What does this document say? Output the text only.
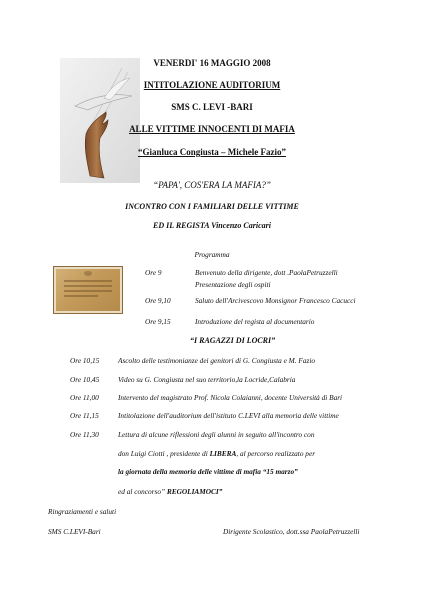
VENERDI' 16 MAGGIO 2008
INTITOLAZIONE AUDITORIUM
SMS C. LEVI -BARI
ALLE VITTIME INNOCENTI DI MAFIA
“Gianluca Congiusta – Michele Fazio”
“PAPA', COS'ERA LA MAFIA?”
INCONTRO CON I FAMILIARI DELLE VITTIME
ED IL REGISTA Vincenzo Caricari
Programma
Ore 9	Benvenuto della dirigente, dott .PaolaPetruzzelli
Presentazione degli ospiti
Ore 9,10	Saluto dell'Arcivescovo Monsignor Francesco Cacucci
Ore 9,15	Introduzione del regista al documentario
“I RAGAZZI DI LOCRI”
Ore 10,15	Ascolto delle testimonianze dei genitori di G. Congiusta e M. Fazio
Ore 10,45	Video su G. Congiusta nel suo territorio,la Locride,Calabria
Ore 11,00	Intervento del magistrato Prof. Nicola Colaianni, docente Università di Bari
Ore 11,15	Intitolazione dell'auditorium dell'istituto C.LEVI alla memoria delle vittime
Ore 11,30	Lettura di alcune riflessioni degli alunni in seguito all'incontro con
don Luigi Ciotti , presidente di LIBERA, al percorso realizzato per
la giornata della memoria delle vittime di mafia “15 marzo”
ed al concorso” REGOLIAMOCI”
Ringraziamenti e saluti
SMS C.LEVI-Bari	Dirigente Scolastico, dott.ssa PaolaPetruzzelli
